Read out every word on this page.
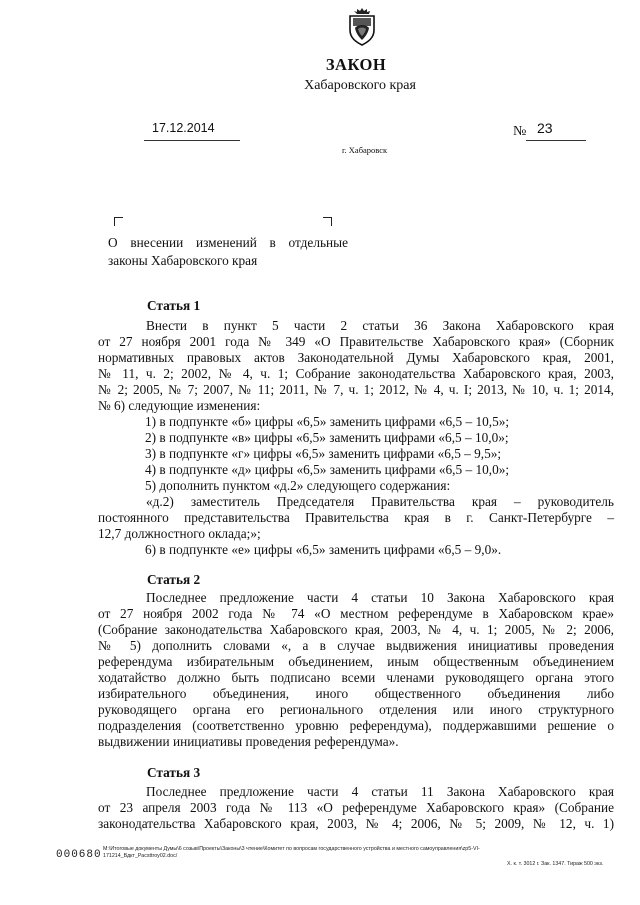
ЗАКОН
Хабаровского края
17.12.2014	№ 23
г. Хабаровск
О внесении изменений в отдельные
законы Хабаровского края
Статья 1
Внести в пункт 5 части 2 статьи 36 Закона Хабаровского края
от 27 ноября 2001 года № 349 «О Правительстве Хабаровского края» (Сборник
нормативных правовых актов Законодательной Думы Хабаровского края, 2001,
№ 11, ч. 2; 2002, № 4, ч. 1; Собрание законодательства Хабаровского края, 2003,
№ 2; 2005, № 7; 2007, № 11; 2011, № 7, ч. 1; 2012, № 4, ч. I; 2013, № 10, ч. 1; 2014,
№ 6) следующие изменения:
1) в подпункте «б» цифры «6,5» заменить цифрами «6,5 – 10,5»;
2) в подпункте «в» цифры «6,5» заменить цифрами «6,5 – 10,0»;
3) в подпункте «г» цифры «6,5» заменить цифрами «6,5 – 9,5»;
4) в подпункте «д» цифры «6,5» заменить цифрами «6,5 – 10,0»;
5) дополнить пунктом «д.2» следующего содержания:
«д.2) заместитель Председателя Правительства края – руководитель
постоянного представительства Правительства края в г. Санкт-Петербурге –
12,7 должностного оклада;»;
6) в подпункте «е» цифры «6,5» заменить цифрами «6,5 – 9,0».
Статья 2
Последнее предложение части 4 статьи 10 Закона Хабаровского края
от 27 ноября 2002 года № 74 «О местном референдуме в Хабаровском крае»
(Собрание законодательства Хабаровского края, 2003, № 4, ч. 1; 2005, № 2; 2006,
№ 5) дополнить словами «, а в случае выдвижения инициативы проведения
референдума избирательным объединением, иным общественным объединением
ходатайство должно быть подписано всеми членами руководящего органа этого
избирательного объединения, иного общественного объединения либо
руководящего органа его регионального отделения или иного структурного
подразделения (соответственно уровню референдума), поддержавшими решение о
выдвижении инициативы проведения референдума».
Статья 3
Последнее предложение части 4 статьи 11 Закона Хабаровского края
от 23 апреля 2003 года № 113 «О референдуме Хабаровского края» (Собрание
законодательства Хабаровского края, 2003, № 4; 2006, № 5; 2009, № 12, ч. 1)
000680 M:\Итоговые документы Думы\6 созыв\Проекты\Законы\3 чтение\Комитет по вопросам государственного устройства и местного самоуправления\zp5-VI-
171214_Вдкт_Расsttroy02.doc/
Х. к. т. 3012 г. Зак. 1347. Тираж 500 экз.
